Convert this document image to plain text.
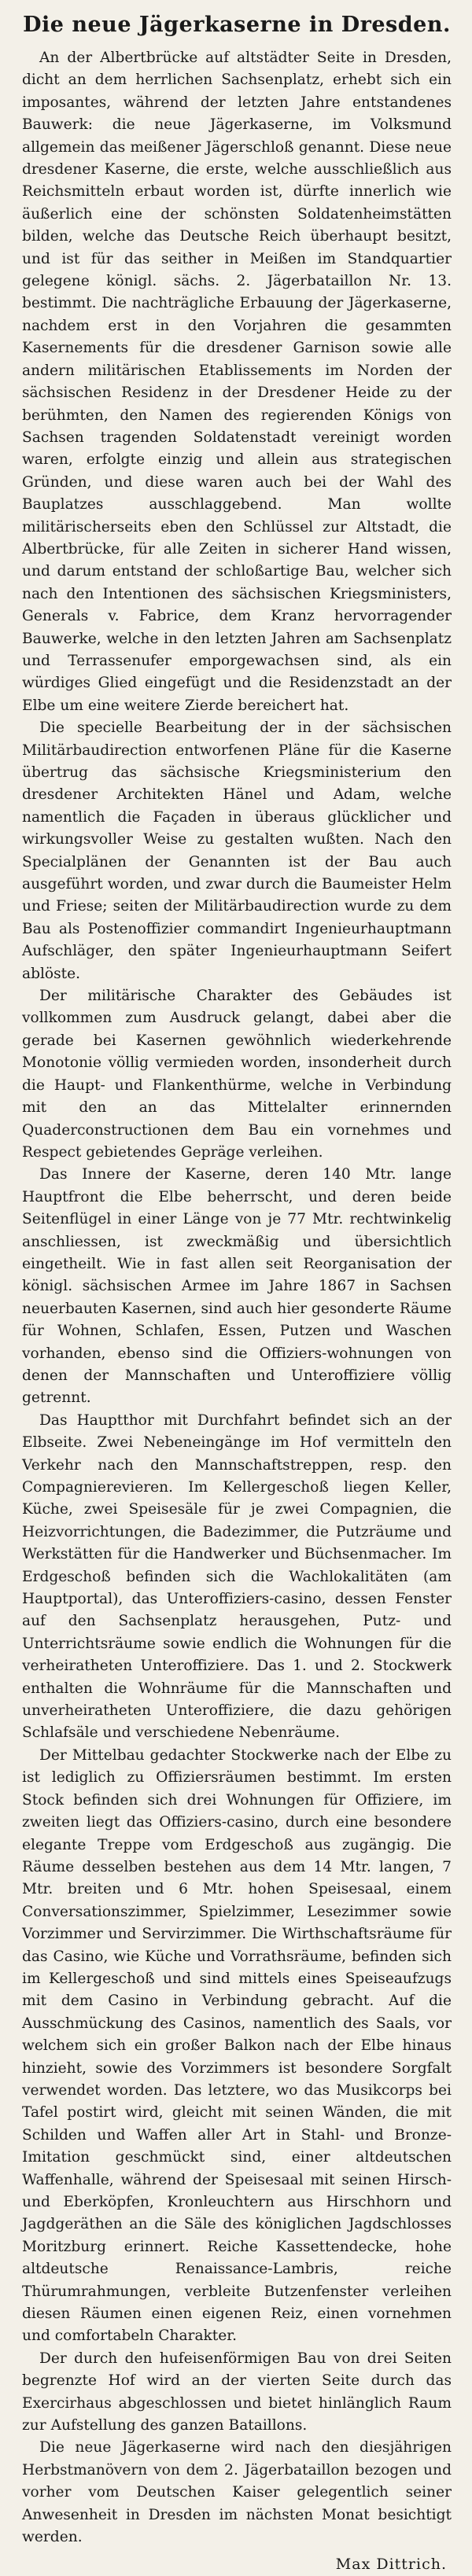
Die neue Jägerkaserne in Dresden.

An der Albertbrücke auf altstädter Seite in Dresden, dicht an dem herrlichen Sachsenplatz, erhebt sich ein imposantes, während der letzten Jahre entstandenes Bauwerk: die neue Jägerkaserne, im Volksmund allgemein das meißener Jägerschloß genannt. Diese neue dresdener Kaserne, die erste, welche ausschließlich aus Reichsmitteln erbaut worden ist, dürfte innerlich wie äußerlich eine der schönsten Soldatenheimstätten bilden, welche das Deutsche Reich überhaupt besitzt, und ist für das seither in Meißen im Standquartier gelegene königl. sächs. 2. Jägerbataillon Nr. 13. bestimmt. Die nachträgliche Erbauung der Jägerkaserne, nachdem erst in den Vorjahren die gesammten Kasernements für die dresdener Garnison sowie alle andern militärischen Etablissements im Norden der sächsischen Residenz in der Dresdener Heide zu der berühmten, den Namen des regierenden Königs von Sachsen tragenden Soldatenstadt vereinigt worden waren, erfolgte einzig und allein aus strategischen Gründen, und diese waren auch bei der Wahl des Bauplatzes ausschlaggebend. Man wollte militärischerseits eben den Schlüssel zur Altstadt, die Albertbrücke, für alle Zeiten in sicherer Hand wissen, und darum entstand der schloßartige Bau, welcher sich nach den Intentionen des sächsischen Kriegsministers, Generals v. Fabrice, dem Kranz hervorragender Bauwerke, welche in den letzten Jahren am Sachsenplatz und Terrassenufer emporgewachsen sind, als ein würdiges Glied eingefügt und die Residenzstadt an der Elbe um eine weitere Zierde bereichert hat.

Die specielle Bearbeitung der in der sächsischen Militärbaudirection entworfenen Pläne für die Kaserne übertrug das sächsische Kriegsministerium den dresdener Architekten Hänel und Adam, welche namentlich die Façaden in überaus glücklicher und wirkungsvoller Weise zu gestalten wußten. Nach den Specialplänen der Genannten ist der Bau auch ausgeführt worden, und zwar durch die Baumeister Helm und Friese; seiten der Militärbaudirection wurde zu dem Bau als Postenoffizier commandirt Ingenieurhauptmann Aufschläger, den später Ingenieurhauptmann Seifert ablöste.

Der militärische Charakter des Gebäudes ist vollkommen zum Ausdruck gelangt, dabei aber die gerade bei Kasernen gewöhnlich wiederkehrende Monotonie völlig vermieden worden, insonderheit durch die Haupt- und Flankenthürme, welche in Verbindung mit den an das Mittelalter erinnernden Quaderconstructionen dem Bau ein vornehmes und Respect gebietendes Gepräge verleihen.

Das Innere der Kaserne, deren 140 Mtr. lange Hauptfront die Elbe beherrscht, und deren beide Seitenflügel in einer Länge von je 77 Mtr. rechtwinkelig anschliessen, ist zweckmäßig und übersichtlich eingetheilt. Wie in fast allen seit Reorganisation der königl. sächsischen Armee im Jahre 1867 in Sachsen neuerbauten Kasernen, sind auch hier gesonderte Räume für Wohnen, Schlafen, Essen, Putzen und Waschen vorhanden, ebenso sind die Offiziers-wohnungen von denen der Mannschaften und Unteroffiziere völlig getrennt.

Das Hauptthor mit Durchfahrt befindet sich an der Elbseite. Zwei Nebeneingänge im Hof vermitteln den Verkehr nach den Mannschaftstreppen, resp. den Compagnierevieren. Im Kellergeschoß liegen Keller, Küche, zwei Speisesäle für je zwei Compagnien, die Heizvorrichtungen, die Badezimmer, die Putzräume und Werkstätten für die Handwerker und Büchsenmacher. Im Erdgeschoß befinden sich die Wachlokalitäten (am Hauptportal), das Unteroffiziers-casino, dessen Fenster auf den Sachsenplatz herausgehen, Putz- und Unterrichtsräume sowie endlich die Wohnungen für die verheiratheten Unteroffiziere. Das 1. und 2. Stockwerk enthalten die Wohnräume für die Mannschaften und unverheiratheten Unteroffiziere, die dazu gehörigen Schlafsäle und verschiedene Nebenräume.

Der Mittelbau gedachter Stockwerke nach der Elbe zu ist lediglich zu Offiziersräumen bestimmt. Im ersten Stock befinden sich drei Wohnungen für Offiziere, im zweiten liegt das Offiziers-casino, durch eine besondere elegante Treppe vom Erdgeschoß aus zugängig. Die Räume desselben bestehen aus dem 14 Mtr. langen, 7 Mtr. breiten und 6 Mtr. hohen Speisesaal, einem Conversationszimmer, Spielzimmer, Lesezimmer sowie Vorzimmer und Servirzimmer. Die Wirthschaftsräume für das Casino, wie Küche und Vorrathsräume, befinden sich im Kellergeschoß und sind mittels eines Speiseaufzugs mit dem Casino in Verbindung gebracht. Auf die Ausschmückung des Casinos, namentlich des Saals, vor welchem sich ein großer Balkon nach der Elbe hinaus hinzieht, sowie des Vorzimmers ist besondere Sorgfalt verwendet worden. Das letztere, wo das Musikcorps bei Tafel postirt wird, gleicht mit seinen Wänden, die mit Schilden und Waffen aller Art in Stahl- und Bronze-Imitation geschmückt sind, einer altdeutschen Waffenhalle, während der Speisesaal mit seinen Hirsch- und Eberköpfen, Kronleuchtern aus Hirschhorn und Jagdgeräthen an die Säle des königlichen Jagdschlosses Moritzburg erinnert. Reiche Kassettendecke, hohe altdeutsche Renaissance-Lambris, reiche Thürumrahmungen, verbleite Butzenfenster verleihen diesen Räumen einen eigenen Reiz, einen vornehmen und comfortabeln Charakter.

Der durch den hufeisenförmigen Bau von drei Seiten begrenzte Hof wird an der vierten Seite durch das Exercirhaus abgeschlossen und bietet hinlänglich Raum zur Aufstellung des ganzen Bataillons.

Die neue Jägerkaserne wird nach den diesjährigen Herbstmanövern von dem 2. Jägerbataillon bezogen und vorher vom Deutschen Kaiser gelegentlich seiner Anwesenheit in Dresden im nächsten Monat besichtigt werden.

Max Dittrich.
